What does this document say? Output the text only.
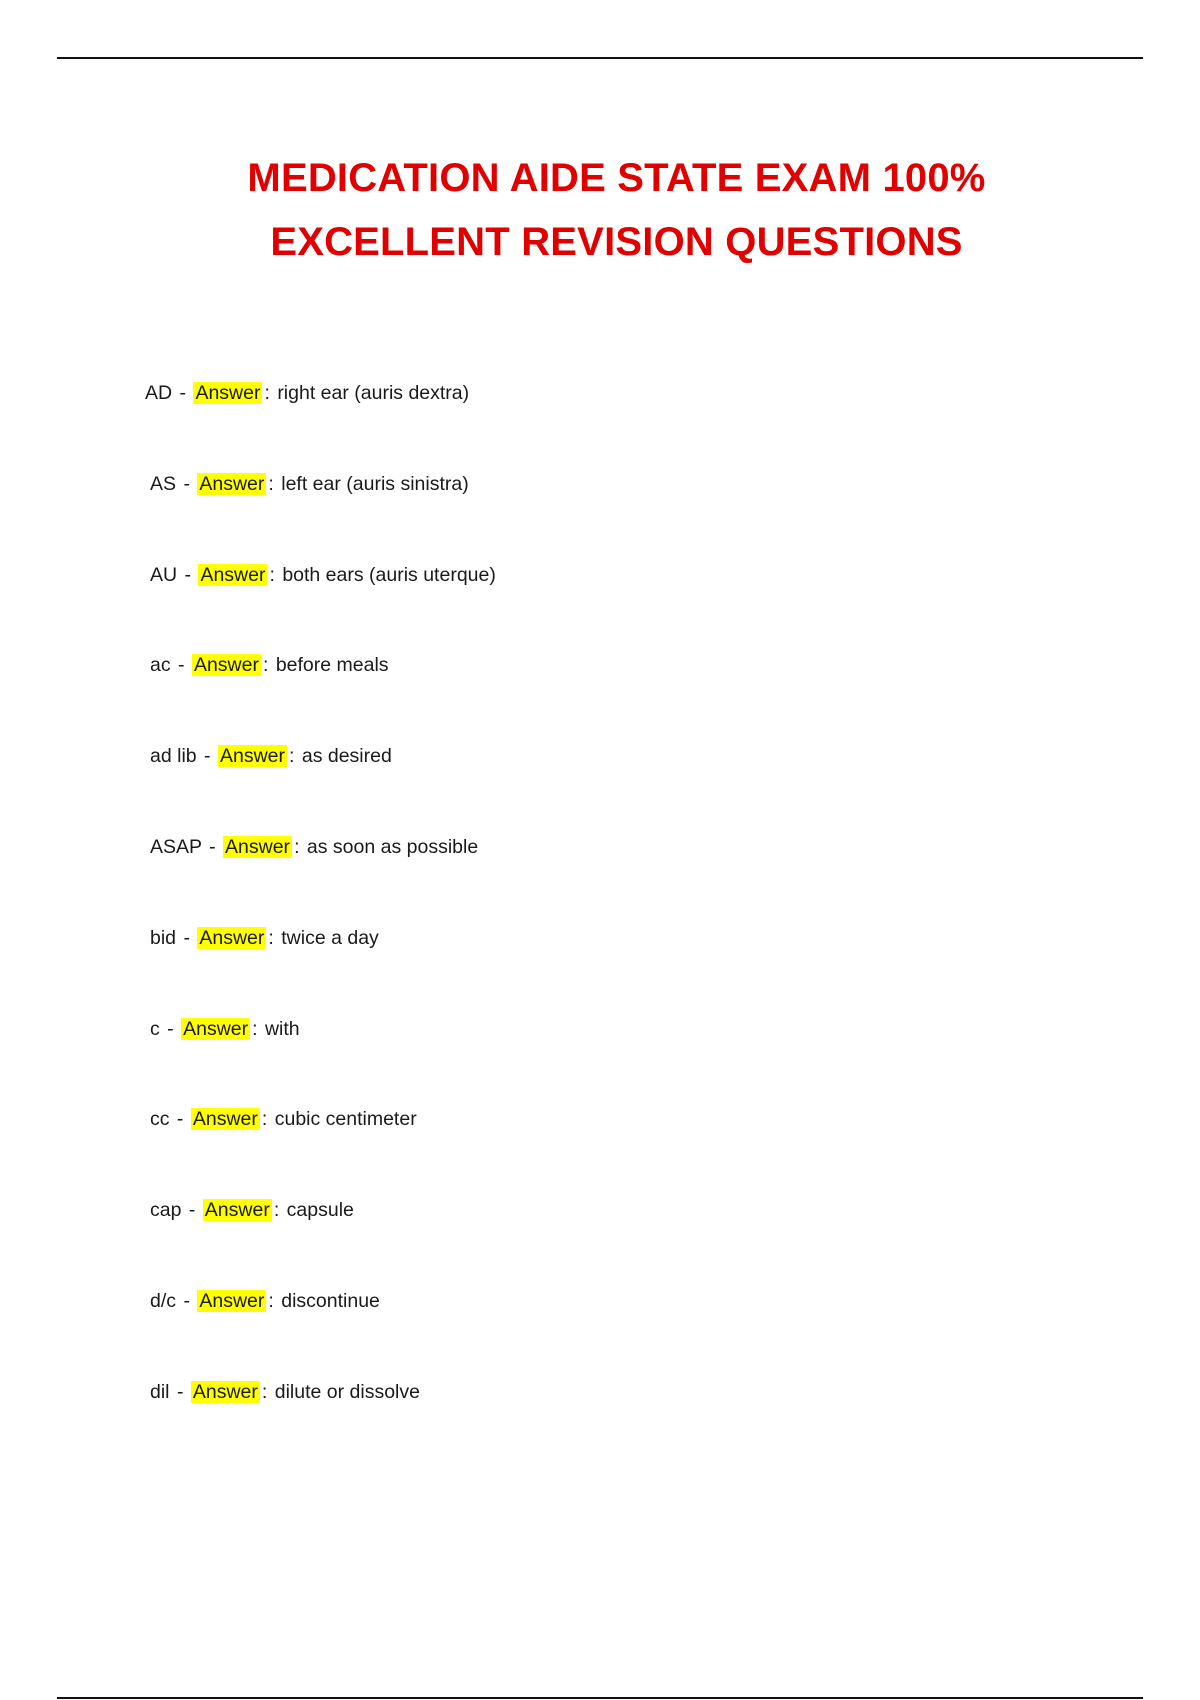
MEDICATION AIDE STATE EXAM 100%
EXCELLENT REVISION QUESTIONS
AD - Answer : right ear (auris dextra)
AS - Answer : left ear (auris sinistra)
AU - Answer : both ears (auris uterque)
ac - Answer : before meals
ad lib - Answer : as desired
ASAP - Answer : as soon as possible
bid - Answer : twice a day
c - Answer : with
cc - Answer : cubic centimeter
cap - Answer : capsule
d/c - Answer : discontinue
dil - Answer : dilute or dissolve
